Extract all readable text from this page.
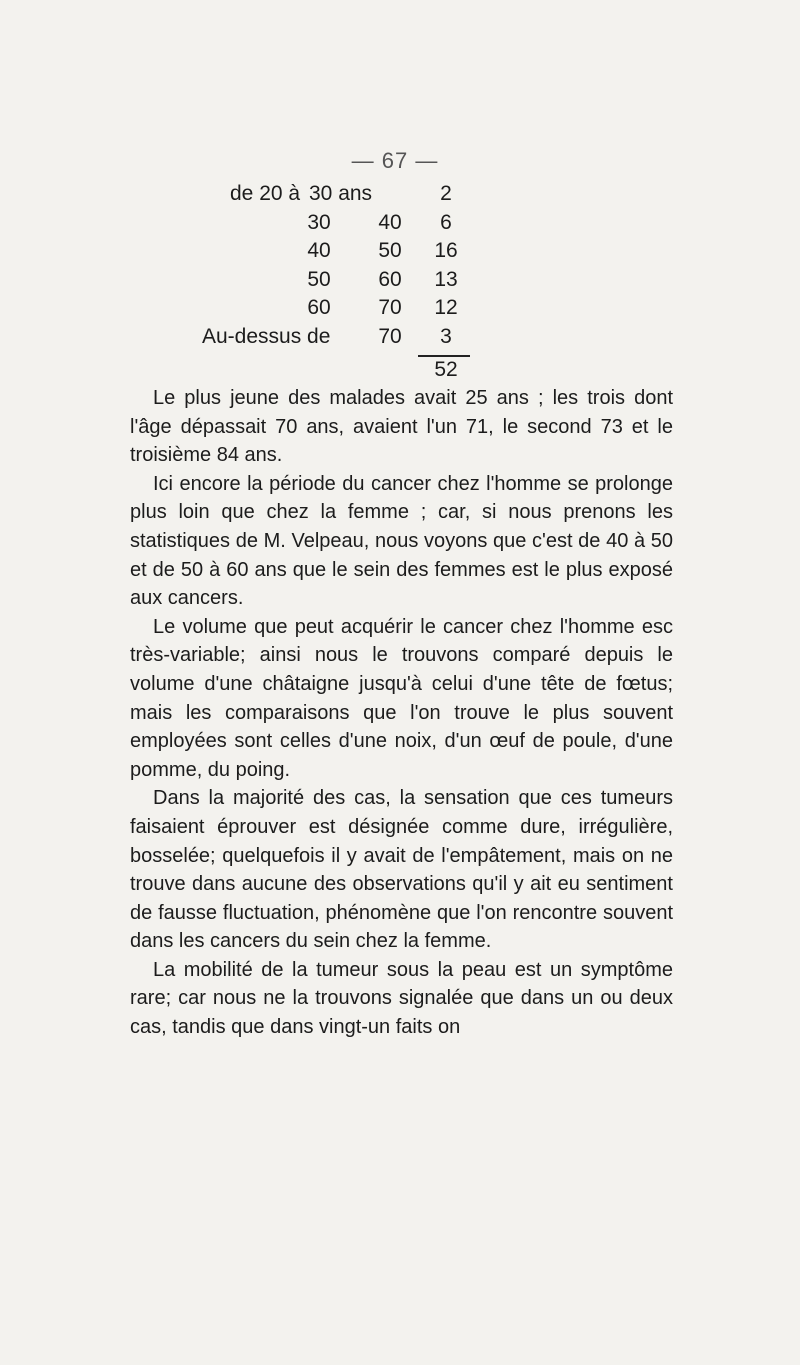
— 67 —
de 20 à 30 ans	2
30	40	6
40	50	16
50	60	13
60	70	12
Au-dessus de	70	3
52

Le plus jeune des malades avait 25 ans ; les trois dont l'âge dépassait 70 ans, avaient l'un 71, le second 73 et le troisième 84 ans.

Ici encore la période du cancer chez l'homme se prolonge plus loin que chez la femme ; car, si nous prenons les statistiques de M. Velpeau, nous voyons que c'est de 40 à 50 et de 50 à 60 ans que le sein des femmes est le plus exposé aux cancers.

Le volume que peut acquérir le cancer chez l'homme esc très-variable; ainsi nous le trouvons comparé depuis le volume d'une châtaigne jusqu'à celui d'une tête de fœtus; mais les comparaisons que l'on trouve le plus souvent employées sont celles d'une noix, d'un œuf de poule, d'une pomme, du poing.

Dans la majorité des cas, la sensation que ces tumeurs faisaient éprouver est désignée comme dure, irrégulière, bosselée; quelquefois il y avait de l'empâtement, mais on ne trouve dans aucune des observations qu'il y ait eu sentiment de fausse fluctuation, phénomène que l'on rencontre souvent dans les cancers du sein chez la femme.

La mobilité de la tumeur sous la peau est un symptôme rare; car nous ne la trouvons signalée que dans un ou deux cas, tandis que dans vingt-un faits on
